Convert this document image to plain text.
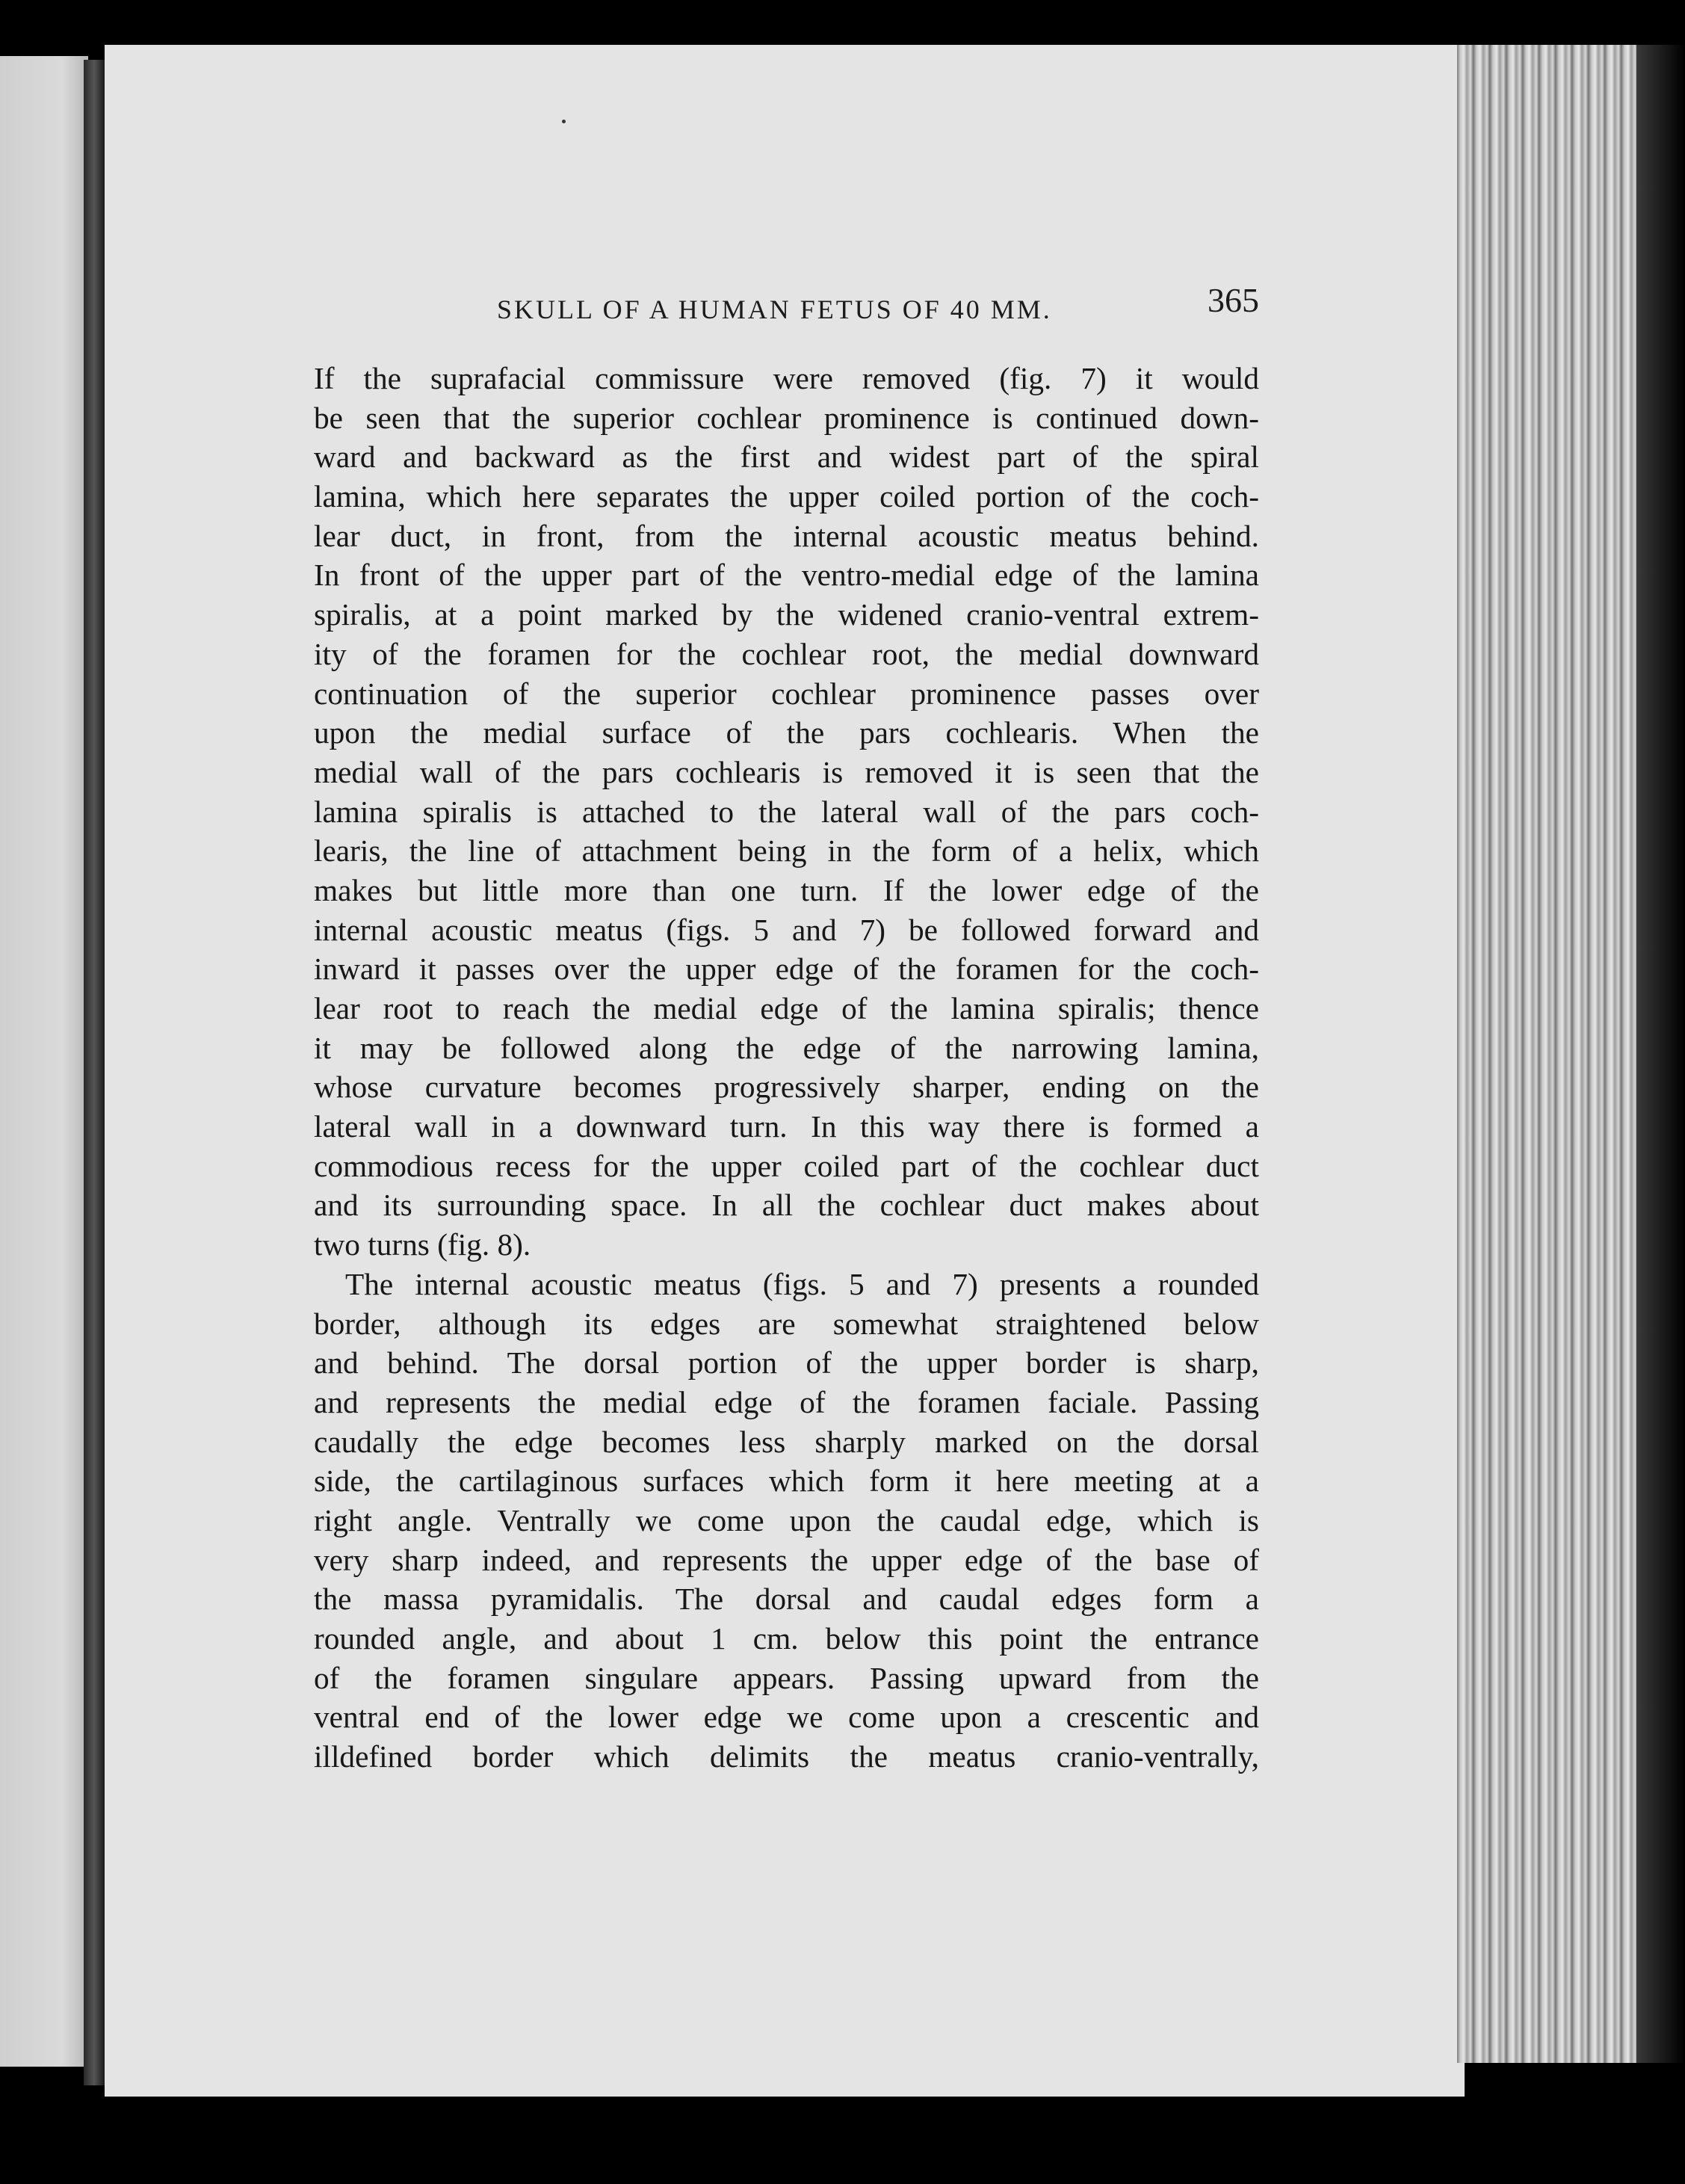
SKULL OF A HUMAN FETUS OF 40 MM.	365
If the suprafacial commissure were removed (fig. 7) it would
be seen that the superior cochlear prominence is continued down-
ward and backward as the first and widest part of the spiral
lamina, which here separates the upper coiled portion of the coch-
lear duct, in front, from the internal acoustic meatus behind.
In front of the upper part of the ventro-medial edge of the lamina
spiralis, at a point marked by the widened cranio-ventral extrem-
ity of the foramen for the cochlear root, the medial downward
continuation of the superior cochlear prominence passes over
upon the medial surface of the pars cochlearis. When the
medial wall of the pars cochlearis is removed it is seen that the
lamina spiralis is attached to the lateral wall of the pars coch-
learis, the line of attachment being in the form of a helix, which
makes but little more than one turn. If the lower edge of the
internal acoustic meatus (figs. 5 and 7) be followed forward and
inward it passes over the upper edge of the foramen for the coch-
lear root to reach the medial edge of the lamina spiralis; thence
it may be followed along the edge of the narrowing lamina,
whose curvature becomes progressively sharper, ending on the
lateral wall in a downward turn. In this way there is formed a
commodious recess for the upper coiled part of the cochlear duct
and its surrounding space. In all the cochlear duct makes about
two turns (fig. 8).
The internal acoustic meatus (figs. 5 and 7) presents a rounded
border, although its edges are somewhat straightened below
and behind. The dorsal portion of the upper border is sharp,
and represents the medial edge of the foramen faciale. Passing
caudally the edge becomes less sharply marked on the dorsal
side, the cartilaginous surfaces which form it here meeting at a
right angle. Ventrally we come upon the caudal edge, which is
very sharp indeed, and represents the upper edge of the base of
the massa pyramidalis. The dorsal and caudal edges form a
rounded angle, and about 1 cm. below this point the entrance
of the foramen singulare appears. Passing upward from the
ventral end of the lower edge we come upon a crescentic and
illdefined border which delimits the meatus cranio-ventrally,
